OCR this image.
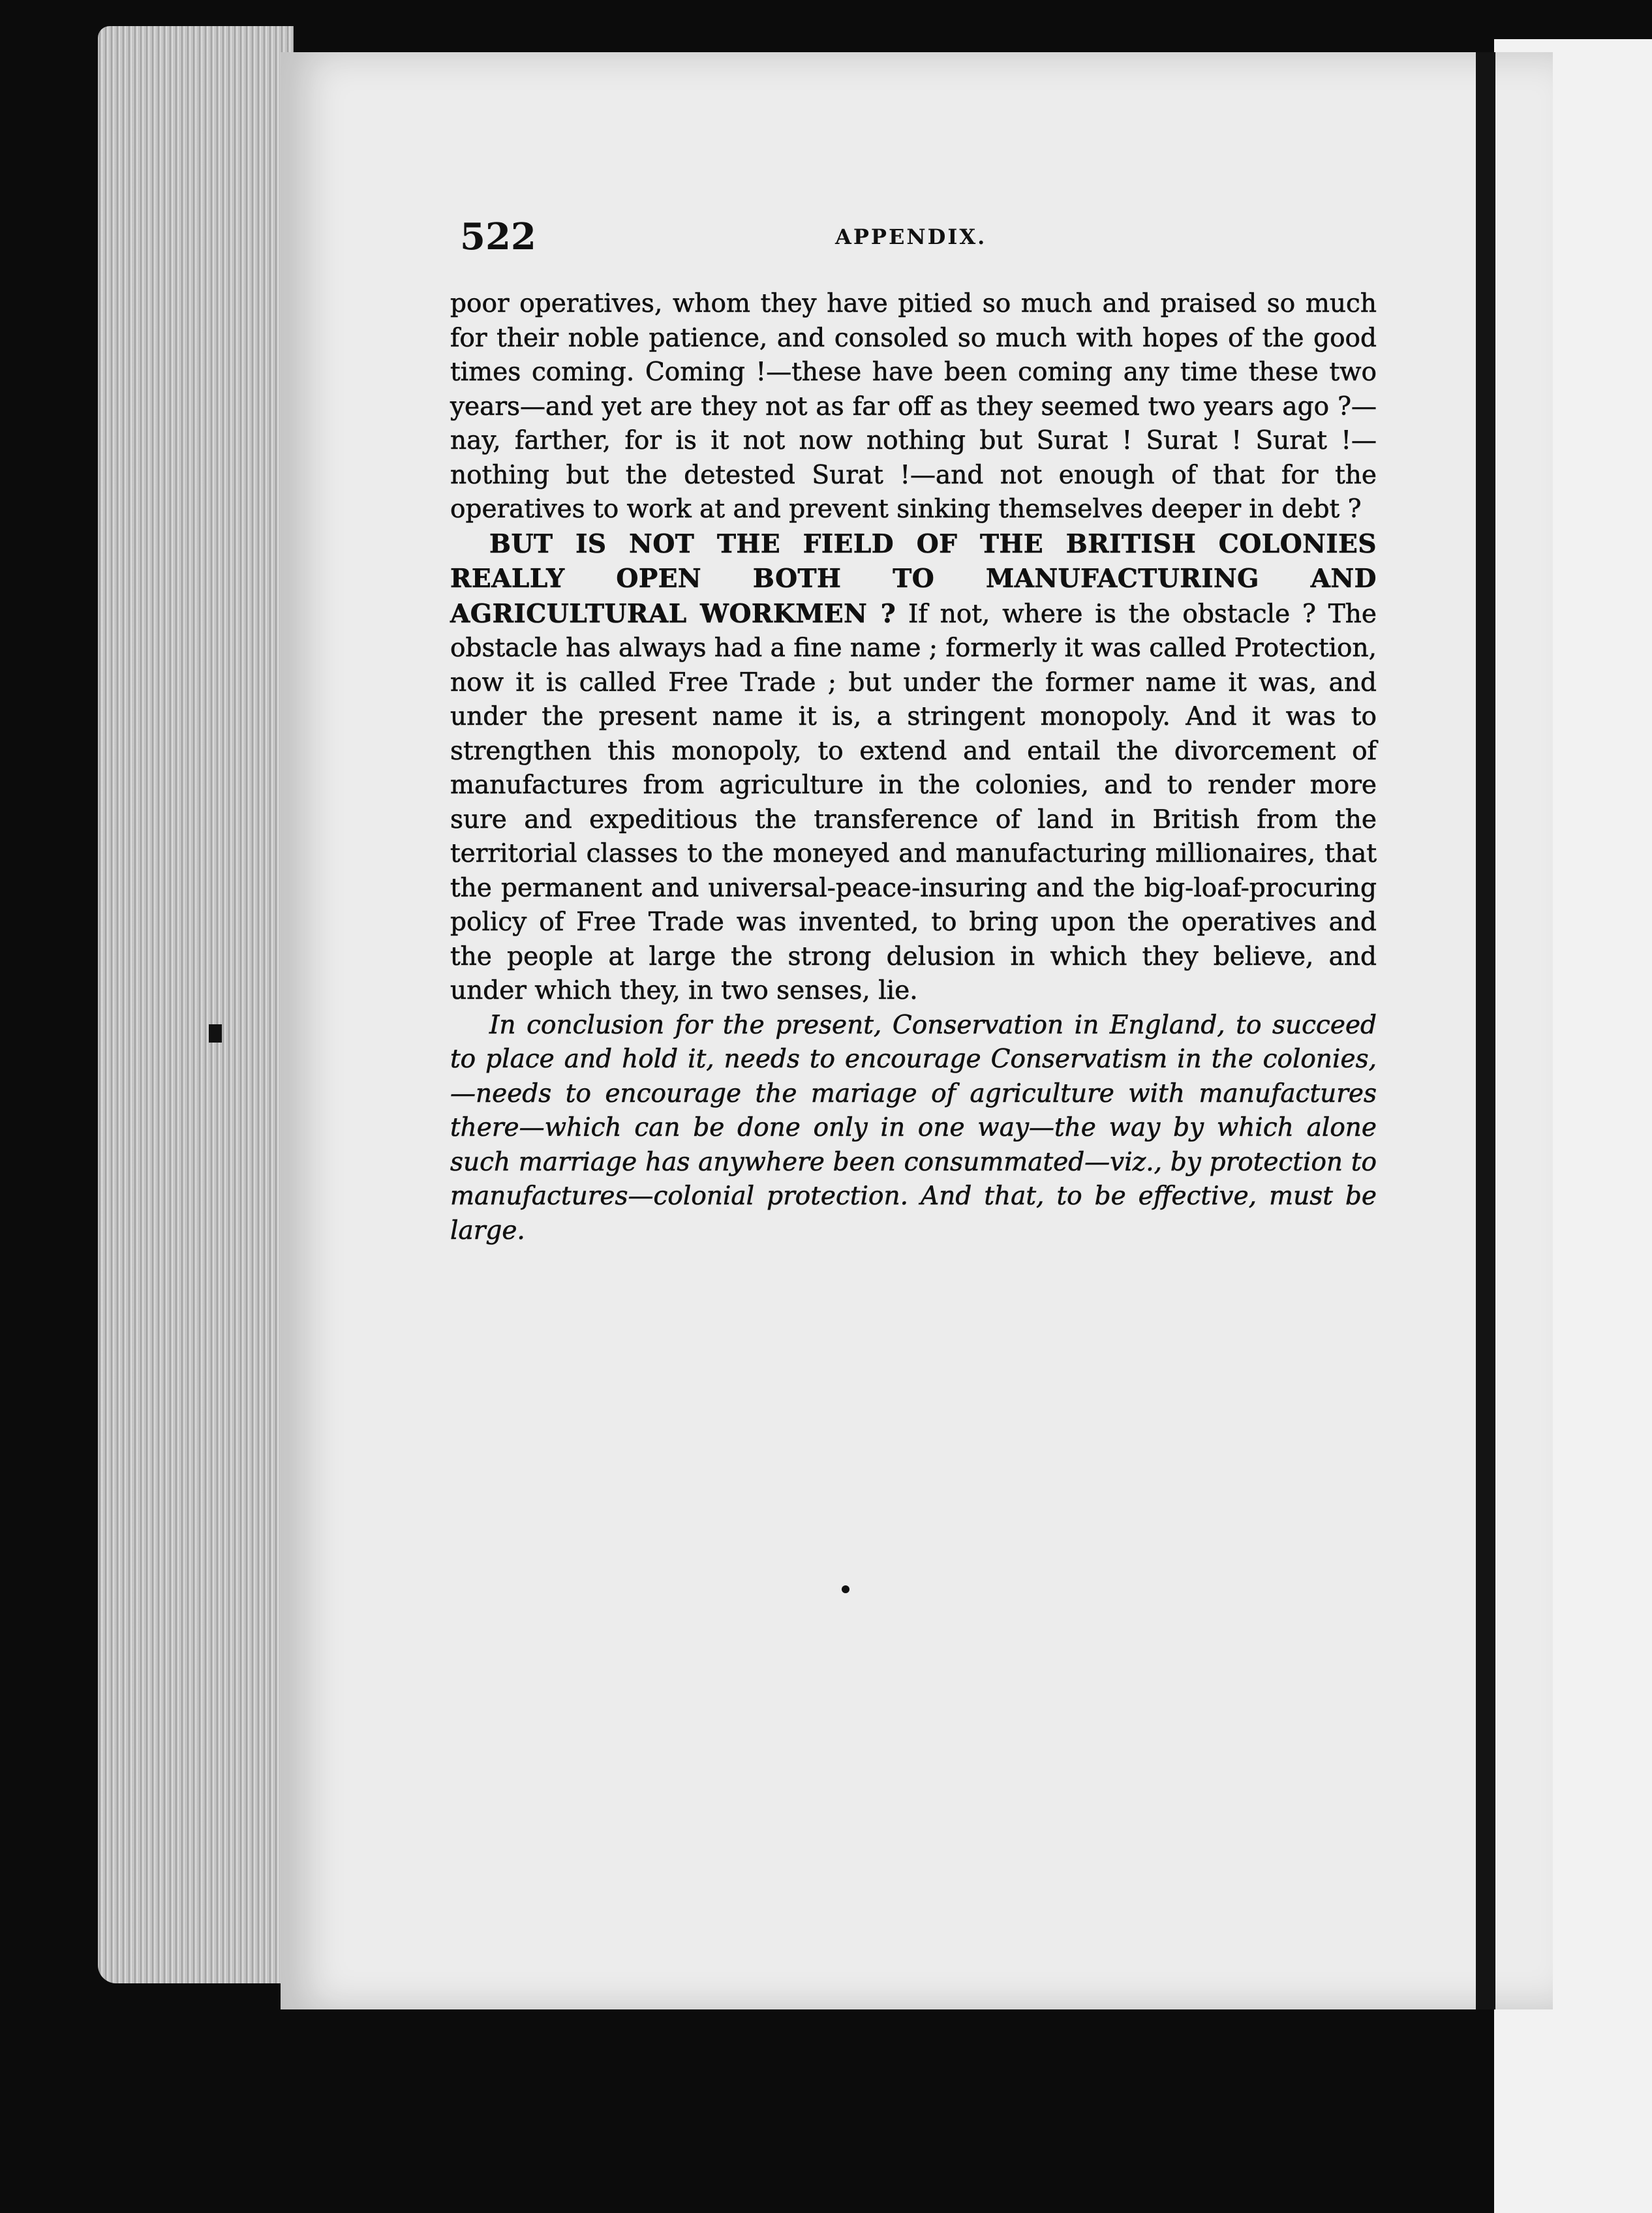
522	APPENDIX.

poor operatives, whom they have pitied so much and praised so much for their noble patience, and consoled so much with hopes of the good times coming. Coming !—these have been coming any time these two years—and yet are they not as far off as they seemed two years ago ?—nay, farther, for is it not now nothing but Surat ! Surat ! Surat !—nothing but the detested Surat !—and not enough of that for the operatives to work at and prevent sinking themselves deeper in debt ?

BUT IS NOT THE FIELD OF THE BRITISH COLONIES REALLY OPEN BOTH TO MANUFACTURING AND AGRICULTURAL WORKMEN ? If not, where is the obstacle ? The obstacle has always had a fine name ; formerly it was called Protection, now it is called Free Trade ; but under the former name it was, and under the present name it is, a stringent monopoly. And it was to strengthen this monopoly, to extend and entail the divorcement of manufactures from agriculture in the colonies, and to render more sure and expeditious the transference of land in British from the territorial classes to the moneyed and manufacturing millionaires, that the permanent and universal-peace-insuring and the big-loaf-procuring policy of Free Trade was invented, to bring upon the operatives and the people at large the strong delusion in which they believe, and under which they, in two senses, lie.

In conclusion for the present, Conservation in England, to succeed to place and hold it, needs to encourage Conservatism in the colonies,—needs to encourage the mariage of agriculture with manufactures there—which can be done only in one way—the way by which alone such marriage has anywhere been consummated—viz., by protection to manufactures—colonial protection. And that, to be effective, must be large.
